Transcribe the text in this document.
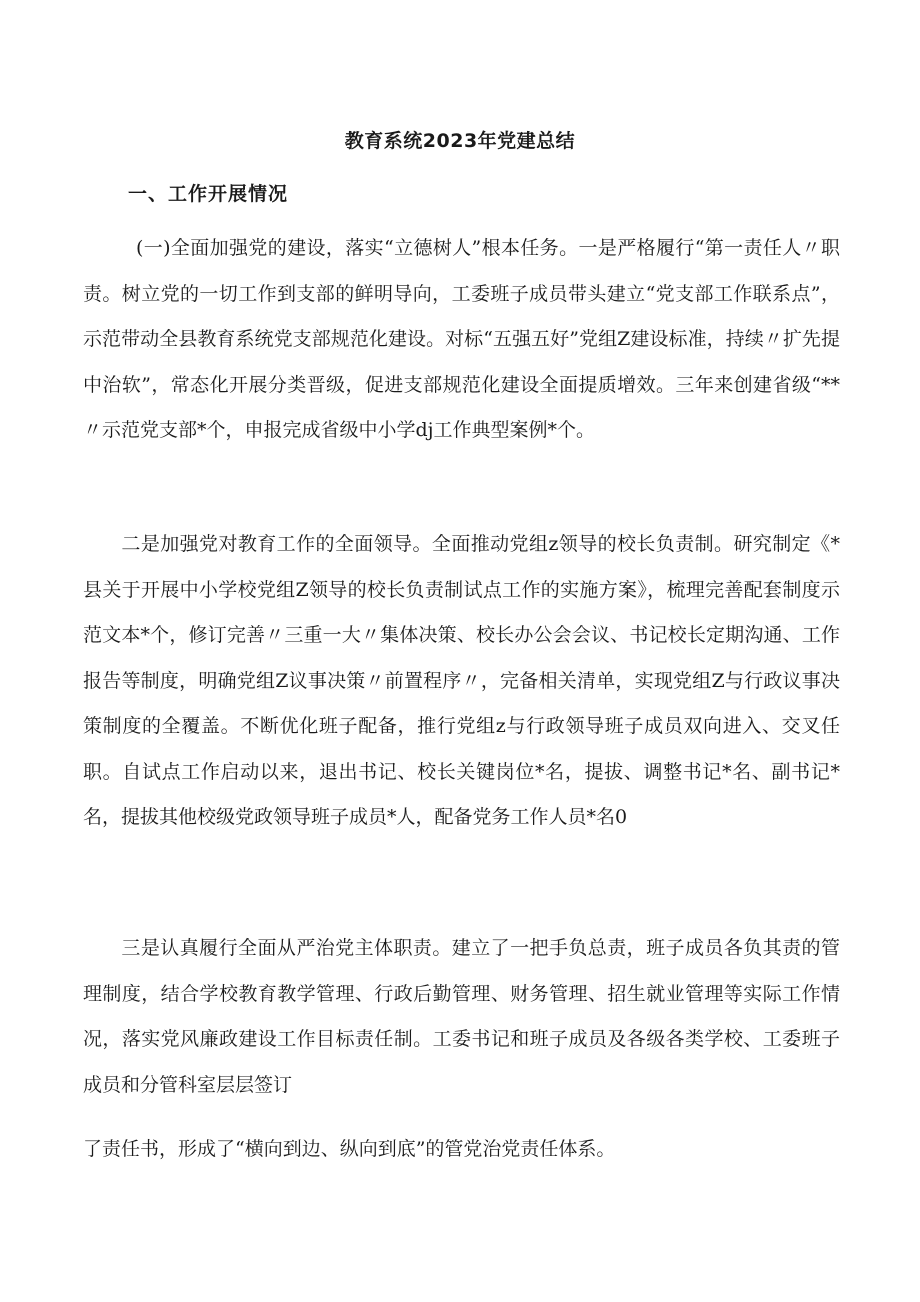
教育系统2023年党建总结
一、工作开展情况

(一)全面加强党的建设，落实“立德树人”根本任务。一是严格履行“第一责任人〃职责。树立党的一切工作到支部的鲜明导向，工委班子成员带头建立“党支部工作联系点”，示范带动全县教育系统党支部规范化建设。对标“五强五好”党组Z建设标准，持续〃扩先提中治软”，常态化开展分类晋级，促进支部规范化建设全面提质增效。三年来创建省级“**〃示范党支部*个，申报完成省级中小学dj工作典型案例*个。

二是加强党对教育工作的全面领导。全面推动党组z领导的校长负责制。研究制定《*县关于开展中小学校党组Z领导的校长负责制试点工作的实施方案》，梳理完善配套制度示范文本*个，修订完善〃三重一大〃集体决策、校长办公会会议、书记校长定期沟通、工作报告等制度，明确党组Z议事决策〃前置程序〃，完备相关清单，实现党组Z与行政议事决策制度的全覆盖。不断优化班子配备，推行党组z与行政领导班子成员双向进入、交叉任职。自试点工作启动以来，退出书记、校长关键岗位*名，提拔、调整书记*名、副书记*名，提拔其他校级党政领导班子成员*人，配备党务工作人员*名0

三是认真履行全面从严治党主体职责。建立了一把手负总责，班子成员各负其责的管理制度，结合学校教育教学管理、行政后勤管理、财务管理、招生就业管理等实际工作情况，落实党风廉政建设工作目标责任制。工委书记和班子成员及各级各类学校、工委班子成员和分管科室层层签订

了责任书，形成了“横向到边、纵向到底”的管党治党责任体系。
